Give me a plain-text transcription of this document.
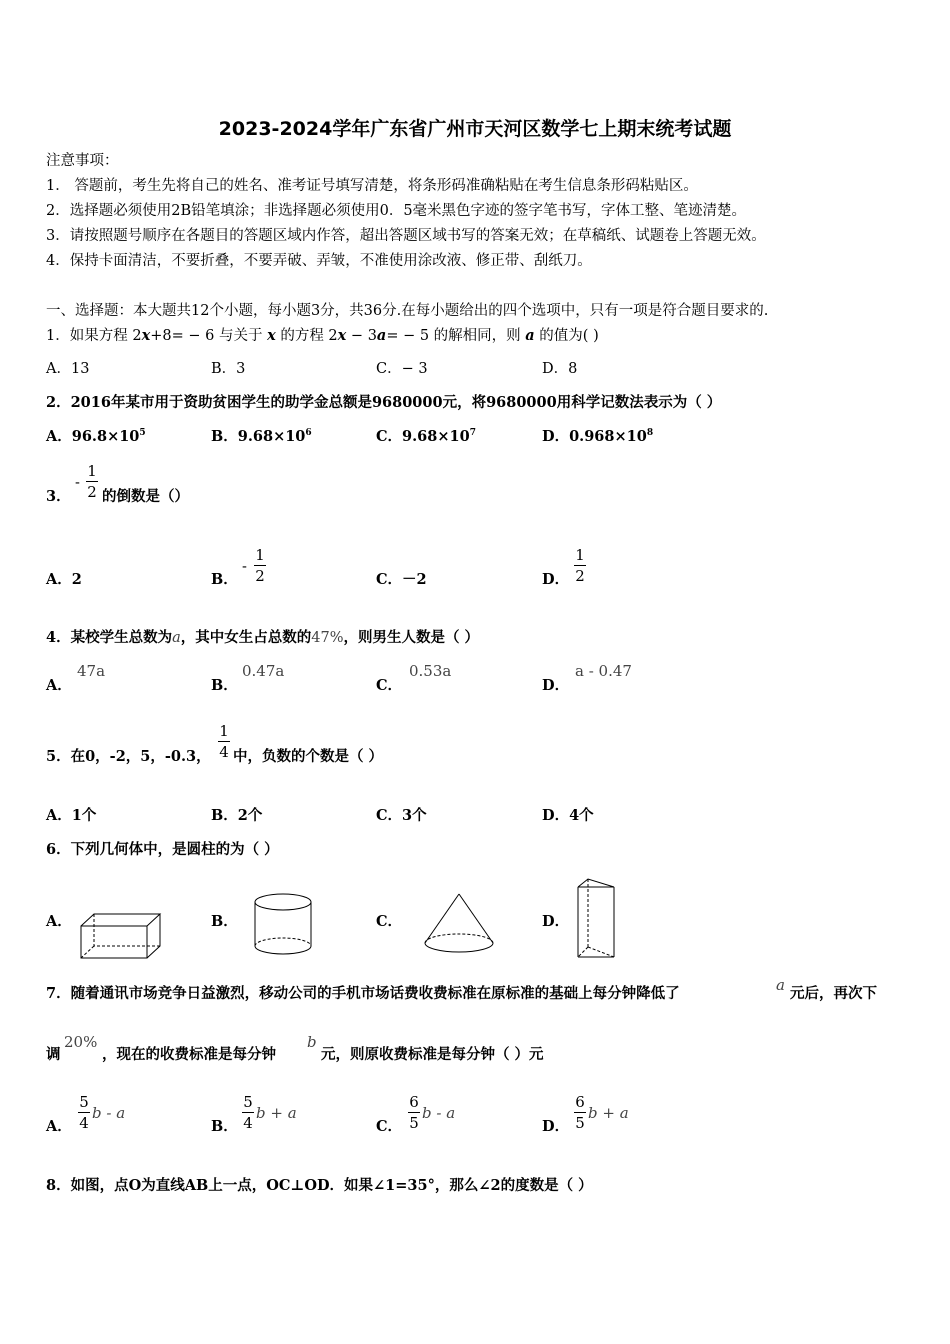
2023-2024学年广东省广州市天河区数学七上期末统考试题
注意事项：
1． 答题前，考生先将自己的姓名、准考证号填写清楚，将条形码准确粘贴在考生信息条形码粘贴区。
2．选择题必须使用2B铅笔填涂；非选择题必须使用0．5毫米黑色字迹的签字笔书写，字体工整、笔迹清楚。
3．请按照题号顺序在各题目的答题区域内作答，超出答题区域书写的答案无效；在草稿纸、试题卷上答题无效。
4．保持卡面清洁，不要折叠，不要弄破、弄皱，不准使用涂改液、修正带、刮纸刀。
一、选择题：本大题共12个小题，每小题3分，共36分.在每小题给出的四个选项中，只有一项是符合题目要求的.
1．如果方程 2x+8= − 6 与关于 x 的方程 2x − 3a= − 5 的解相同，则 a 的值为( )
A．13	B．3	C．− 3	D．8
2．2016年某市用于资助贫困学生的助学金总额是9680000元，将9680000用科学记数法表示为（ ）
A．$96.8\times 10^5$	B．$9.68\times 10^6$	C．$9.68\times 10^7$	D．$0.968\times 10^8$
3．
-
1
2 的倒数是（）
A．2	B．
-
1
2	C．－2	D．
1
2
4．某校学生总数为a，其中女生占总数的47%，则男生人数是（ ）
A．
47a
B．
0.47a
C．
0.53a
D．
a - 0.47
5．在0，-2，5，-0.3，
1
4 中，负数的个数是（ ）
A．1个	B．2个	C．3个	D．4个
6．下列几何体中，是圆柱的为（ ）
A．	B．	C．	D．
7．随着通讯市场竞争日益激烈，移动公司的手机市场话费收费标准在原标准的基础上每分钟降低了	a 元后，再次下
调
20%
，现在的收费标准是每分钟
b
元，则原收费标准是每分钟（ ）元
A．
5
4
b - a
B．
5
4
b + a
C．
6
5
b - a
D．
6
5
b + a
8．如图，点O为直线AB上一点，OC⊥OD．如果∠1=35°，那么∠2的度数是（ ）
